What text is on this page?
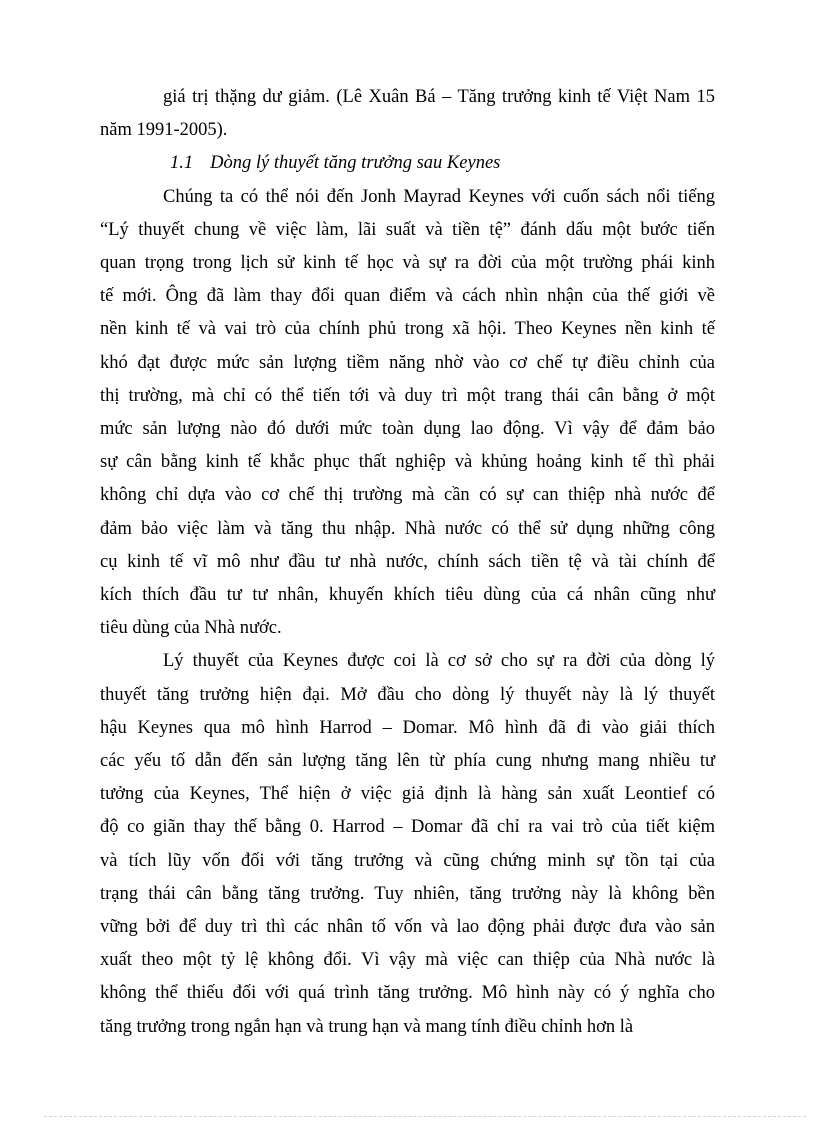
giá trị thặng dư giảm. (Lê Xuân Bá – Tăng trưởng kinh tế Việt Nam 15
năm 1991-2005).
1.1 Dòng lý thuyết tăng trưởng sau Keynes
Chúng ta có thể nói đến Jonh Mayrad Keynes với cuốn sách nổi tiếng
“Lý thuyết chung về việc làm, lãi suất và tiền tệ” đánh dấu một bước tiến
quan trọng trong lịch sử kinh tế học và sự ra đời của một trường phái kinh
tế mới. Ông đã làm thay đổi quan điểm và cách nhìn nhận của thế giới về
nền kinh tế và vai trò của chính phủ trong xã hội. Theo Keynes nền kinh tế
khó đạt được mức sản lượng tiềm năng nhờ vào cơ chế tự điều chỉnh của
thị trường, mà chỉ có thể tiến tới và duy trì một trang thái cân bằng ở một
mức sản lượng nào đó dưới mức toàn dụng lao động. Vì vậy để đảm bảo
sự cân bằng kinh tế khắc phục thất nghiệp và khủng hoảng kinh tế thì phải
không chỉ dựa vào cơ chế thị trường mà cần có sự can thiệp nhà nước để
đảm bảo việc làm và tăng thu nhập. Nhà nước có thể sử dụng những công
cụ kinh tế vĩ mô như đầu tư nhà nước, chính sách tiền tệ và tài chính để
kích thích đầu tư tư nhân, khuyến khích tiêu dùng của cá nhân cũng như
tiêu dùng của Nhà nước.
Lý thuyết của Keynes được coi là cơ sở cho sự ra đời của dòng lý
thuyết tăng trưởng hiện đại. Mở đầu cho dòng lý thuyết này là lý thuyết
hậu Keynes qua mô hình Harrod – Domar. Mô hình đã đi vào giải thích
các yếu tố dẫn đến sản lượng tăng lên từ phía cung nhưng mang nhiều tư
tưởng của Keynes, Thể hiện ở việc giả định là hàng sản xuất Leontief có
độ co giãn thay thế bằng 0. Harrod – Domar đã chỉ ra vai trò của tiết kiệm
và tích lũy vốn đối với tăng trưởng và cũng chứng minh sự tồn tại của
trạng thái cân bằng tăng trưởng. Tuy nhiên, tăng trưởng này là không bền
vững bởi để duy trì thì các nhân tố vốn và lao động phải được đưa vào sản
xuất theo một tỷ lệ không đổi. Vì vậy mà việc can thiệp của Nhà nước là
không thể thiếu đối với quá trình tăng trưởng. Mô hình này có ý nghĩa cho
tăng trưởng trong ngắn hạn và trung hạn và mang tính điều chỉnh hơn là
